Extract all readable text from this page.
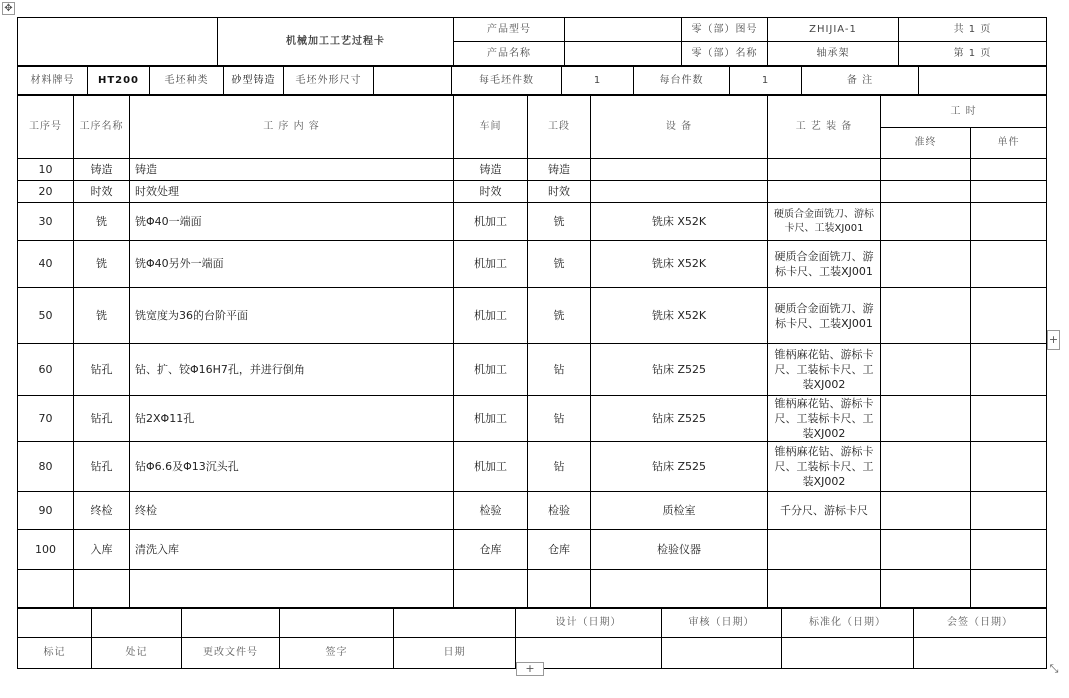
✥
	机械加工工艺过程卡	产品型号		零（部）图号	ZHIJIA-1	共 1 页
		产品名称		零（部）名称	轴承架	第 1 页
材料牌号	HT200	毛坯种类	砂型铸造	毛坯外形尺寸		每毛坯件数	1	每台件数	1	备 注	
工序号	工序名称	工 序 内 容	车间	工段	设 备	工 艺 装 备	工 时	
							准终	单件
10	铸造	铸造	铸造	铸造				
20	时效	时效处理	时效	时效				
30	铣	铣Φ40一端面	机加工	铣	铣床 X52K	硬质合金面铣刀、游标卡尺、工装XJ001		
40	铣	铣Φ40另外一端面	机加工	铣	铣床 X52K	硬质合金面铣刀、游标卡尺、工装XJ001		
50	铣	铣宽度为36的台阶平面	机加工	铣	铣床 X52K	硬质合金面铣刀、游标卡尺、工装XJ001		
60	钻孔	钻、扩、铰Φ16H7孔，并进行倒角	机加工	钻	钻床 Z525	锥柄麻花钻、游标卡尺、工装标卡尺、工装XJ002		
70	钻孔	钻2XΦ11孔	机加工	钻	钻床 Z525	锥柄麻花钻、游标卡尺、工装标卡尺、工装XJ002		
80	钻孔	钻Φ6.6及Φ13沉头孔	机加工	钻	钻床 Z525	锥柄麻花钻、游标卡尺、工装标卡尺、工装XJ002		
90	终检	终检	检验	检验	质检室	千分尺、游标卡尺		
100	入库	清洗入库	仓库	仓库	检验仪器			

					设计（日期）	审核（日期）	标准化（日期）	会签（日期）
标记	处记	更改文件号	签字	日期				
+
+	⤡
